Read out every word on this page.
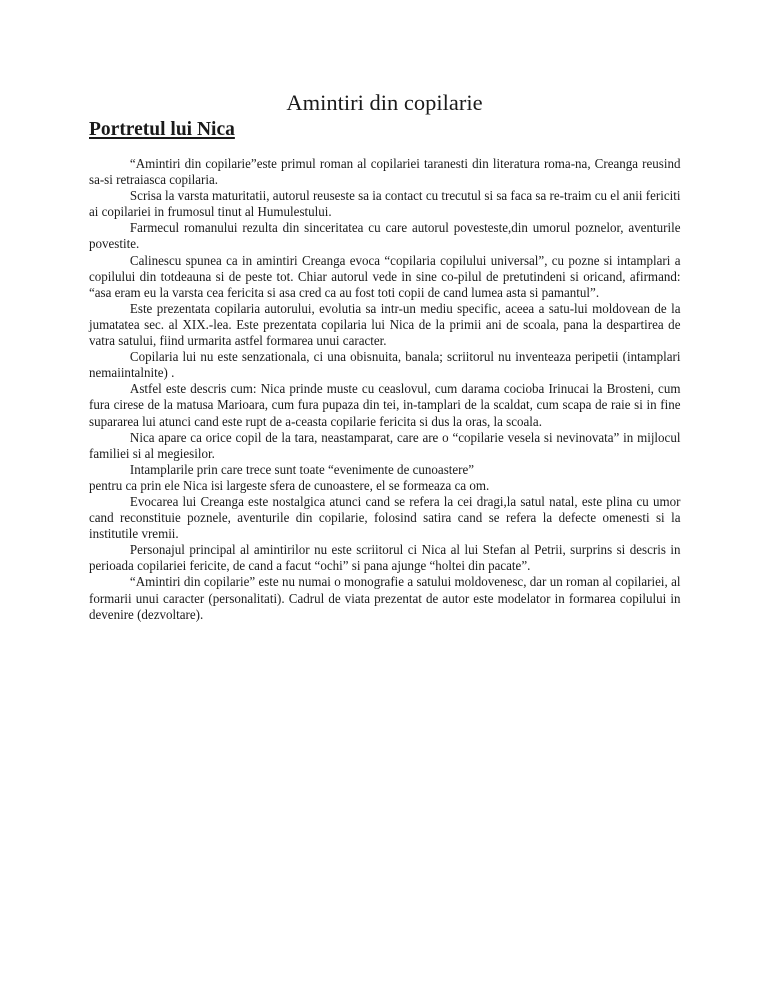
Amintiri din copilarie
Portretul lui Nica

“Amintiri din copilarie”este primul roman al copilariei taranesti din literatura roma-na, Creanga reusind sa-si retraiasca copilaria.

Scrisa la varsta maturitatii, autorul reuseste sa ia contact cu trecutul si sa faca sa re-traim cu el anii fericiti ai copilariei in frumosul tinut al Humulestului.

Farmecul romanului rezulta din sinceritatea cu care autorul povesteste,din umorul poznelor, aventurile povestite.

Calinescu spunea ca in amintiri Creanga evoca “copilaria copilului universal”, cu pozne si intamplari a copilului din totdeauna si de peste tot. Chiar autorul vede in sine co-pilul de pretutindeni si oricand, afirmand: “asa eram eu la varsta cea fericita si asa cred ca au fost toti copii de cand lumea asta si pamantul”.

Este prezentata copilaria autorului, evolutia sa intr-un mediu specific, aceea a satu-lui moldovean de la jumatatea sec. al XIX.-lea. Este prezentata copilaria lui Nica de la primii ani de scoala, pana la despartirea de vatra satului, fiind urmarita astfel formarea unui caracter.

Copilaria lui nu este senzationala, ci una obisnuita, banala; scriitorul nu inventeaza peripetii (intamplari nemaiintalnite) .

Astfel este descris cum: Nica prinde muste cu ceaslovul, cum darama cocioba Irinucai la Brosteni, cum fura cirese de la matusa Marioara, cum fura pupaza din tei, in-tamplari de la scaldat, cum scapa de raie si in fine supararea lui atunci cand este rupt de a-ceasta copilarie fericita si dus la oras, la scoala.

Nica apare ca orice copil de la tara, neastamparat, care are o “copilarie vesela si nevinovata” in mijlocul familiei si al megiesilor.

Intamplarile prin care trece sunt toate “evenimente de cunoastere”

pentru ca prin ele Nica isi largeste sfera de cunoastere, el se formeaza ca om.

Evocarea lui Creanga este nostalgica atunci cand se refera la cei dragi,la satul natal, este plina cu umor cand reconstituie poznele, aventurile din copilarie, folosind satira cand se refera la defecte omenesti si la institutile vremii.

Personajul principal al amintirilor nu este scriitorul ci Nica al lui Stefan al Petrii, surprins si descris in perioada copilariei fericite, de cand a facut “ochi” si pana ajunge “holtei din pacate”.

“Amintiri din copilarie” este nu numai o monografie a satului moldovenesc, dar un roman al copilariei, al formarii unui caracter (personalitati). Cadrul de viata prezentat de autor este modelator in formarea copilului in devenire (dezvoltare).
